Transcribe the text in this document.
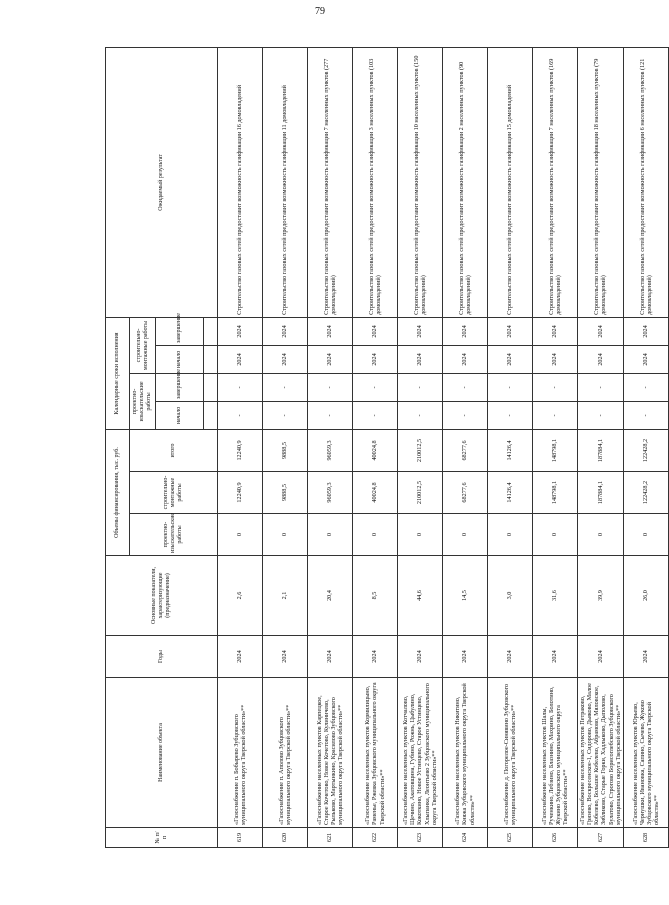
79
№ п/п	Наименование объекта	Годы	Основные показатели, характеризующие (предназначение)	Объемы финансирования, тыс. руб.			Календарные сроки исполнения				Ожидаемый результат
				проектно-изыскательские работы	строительно-монтажные работы	итого	проектно-изыскательские работы		строительно-монтажные работы		
							начало	завершение	начало	завершение	

619	«Газоснабжение п. Бобырево Зубцовского муниципального округа Тверской области»**	2024	2,6	0	12240,9	12240,9	-	-	2024	2024	Строительство газовых сетей предоставит возможность газификации 16 домовладений
620	«Газоснабжение п. Аполово Зубцовского муниципального округа Тверской области»**	2024	2,1	0	9888,5	9888,5	-	-	2024	2024	Строительство газовых сетей предоставит возможность газификации 11 домовладений
621	«Газоснабжение населенных пунктов Карпецкое, Старое Кочетово, Новое Кочетово, Кулиничево, Рыльково, Мартынкино, Красилово Зубцовского муниципального округа Тверской области»**	2024	20,4	0	96059,3	96059,3	-	-	2024	2024	Строительство газовых сетей предоставит возможность газификации 7 населенных пунктов (277 домовладений)
622	«Газоснабжение населенных пунктов Кормилицыно, Раменье, Ржевка Зубцовского муниципального округа Тверской области»**	2024	8,5	0	40024,8	40024,8	-	-	2024	2024	Строительство газовых сетей предоставит возможность газификации 3 населенных пунктов (103 домовладений)
623	«Газоснабжение населенных пунктов Котчалово, Щечино, Акатовщина, Губино, Рожнь, Цыбулино, Кокоткино, Новое Устинцево, Старое Устинцево, Хлыпанка, Леонтьево 2 Зубцовского муниципального округа Тверской области»**	2024	44,6	0	210012,5	210012,5	-	-	2024	2024	Строительство газовых сетей предоставит возможность газификации 10 населенных пунктов (150 домовладений)
624	«Газоснабжение населенных пунктов Никитино, Княжа Зубцовского муниципального округа Тверской области»**	2024	14,5	0	68277,6	68277,6	-	-	2024	2024	Строительство газовых сетей предоставит возможность газификации 2 населенных пунктов (90 домовладений)
625	«Газоснабжение д. Погорелое-Синявино Зубцовского муниципального округа Тверской области»**	2024	3,0	0	14126,4	14126,4	-	-	2024	2024	Строительство газовых сетей предоставит возможность газификации 15 домовладений
626	«Газоснабжение населенных пунктов Шалы, Рученкино, Лебзино, Блазнино, Махрино, Болотино, Жукино Зубцовского муниципального округа Тверской области»**	2024	31,6	0	148798,1	148798,1	-	-	2024	2024	Строительство газовых сетей предоставит возможность газификации 7 населенных пунктов (169 домовладений)
627	«Газоснабжение населенных пунктов Петраково, Грязево, Воскресенское-1, Сидорово, Дьяково, Малое Кобелево, Большое Кобелево, Абрамово, Мяловское, Зябликово, Старые Горки, Хадлыково, Дыполово, Булатово, Строгово Борисоглебского Зубцовского муниципального округа Тверской области»**	2024	39,9	0	187884,1	187884,1	-	-	2024	2024	Строительство газовых сетей предоставит возможность газификации 18 населенных пунктов (79 домовладений)
628	«Газоснабжение населенных пунктов Юрьево, Чернушки, Ивановка, Сапино, Сычево, Жуково Зубцовского муниципального округа Тверской области»**	2024	26,0	0	122428,2	122428,2	-	-	2024	2024	Строительство газовых сетей предоставит возможность газификации 6 населенных пунктов (121 домовладений)
